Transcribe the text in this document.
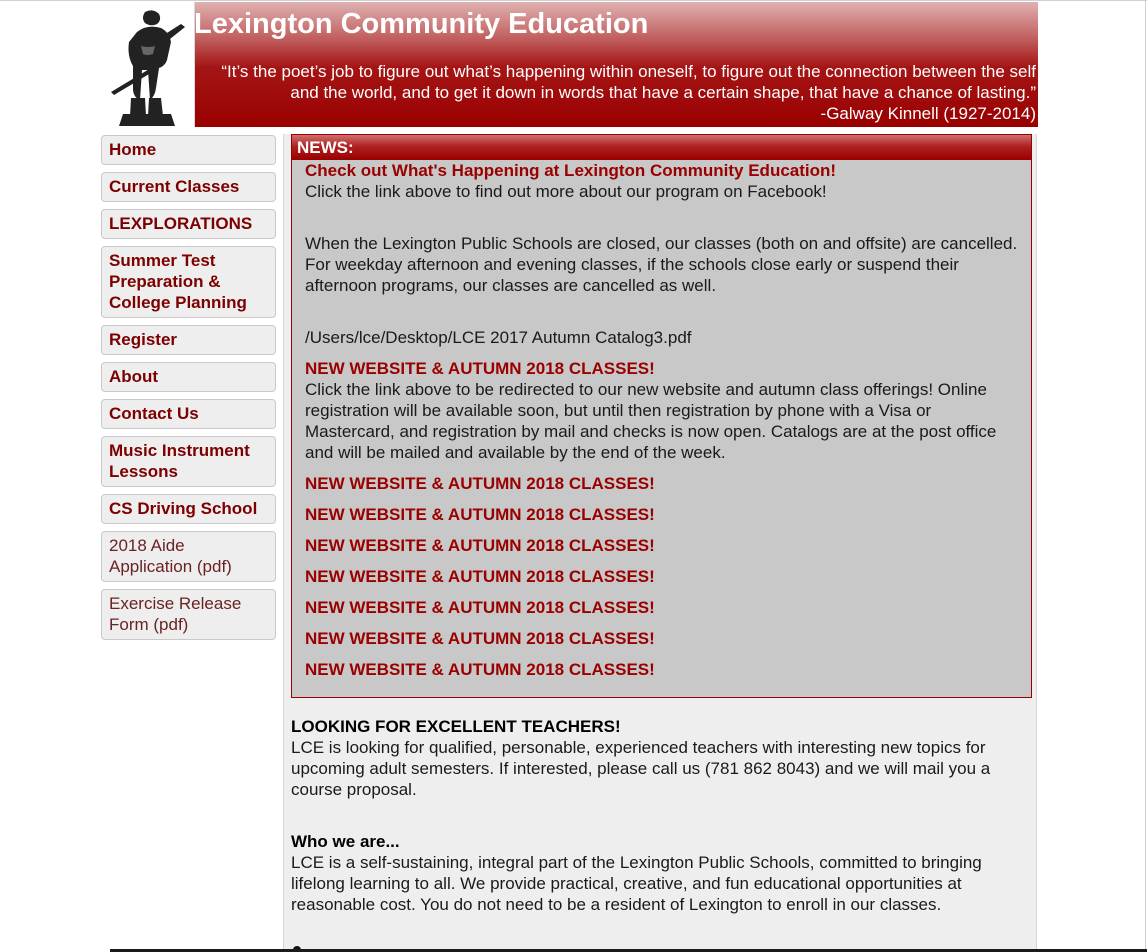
Lexington Community Education
“It’s the poet’s job to figure out what’s happening within oneself, to figure out the connection between the self
and the world, and to get it down in words that have a certain shape, that have a chance of lasting.”
-Galway Kinnell (1927-2014)
Home
Current Classes
LEXPLORATIONS
Summer Test Preparation & College Planning
Register
About
Contact Us
Music Instrument Lessons
CS Driving School
2018 Aide Application (pdf)
Exercise Release Form (pdf)
NEWS:
Check out What's Happening at Lexington Community Education!
Click the link above to find out more about our program on Facebook!
When the Lexington Public Schools are closed, our classes (both on and offsite) are cancelled. For weekday afternoon and evening classes, if the schools close early or suspend their afternoon programs, our classes are cancelled as well.
/Users/lce/Desktop/LCE 2017 Autumn Catalog3.pdf
NEW WEBSITE & AUTUMN 2018 CLASSES!
Click the link above to be redirected to our new website and autumn class offerings! Online registration will be available soon, but until then registration by phone with a Visa or Mastercard, and registration by mail and checks is now open. Catalogs are at the post office and will be mailed and available by the end of the week.
NEW WEBSITE & AUTUMN 2018 CLASSES!
NEW WEBSITE & AUTUMN 2018 CLASSES!
NEW WEBSITE & AUTUMN 2018 CLASSES!
NEW WEBSITE & AUTUMN 2018 CLASSES!
NEW WEBSITE & AUTUMN 2018 CLASSES!
NEW WEBSITE & AUTUMN 2018 CLASSES!
NEW WEBSITE & AUTUMN 2018 CLASSES!
LOOKING FOR EXCELLENT TEACHERS!
LCE is looking for qualified, personable, experienced teachers with interesting new topics for upcoming adult semesters. If interested, please call us (781 862 8043) and we will mail you a course proposal.
Who we are...
LCE is a self-sustaining, integral part of the Lexington Public Schools, committed to bringing lifelong learning to all. We provide practical, creative, and fun educational opportunities at reasonable cost. You do not need to be a resident of Lexington to enroll in our classes.
